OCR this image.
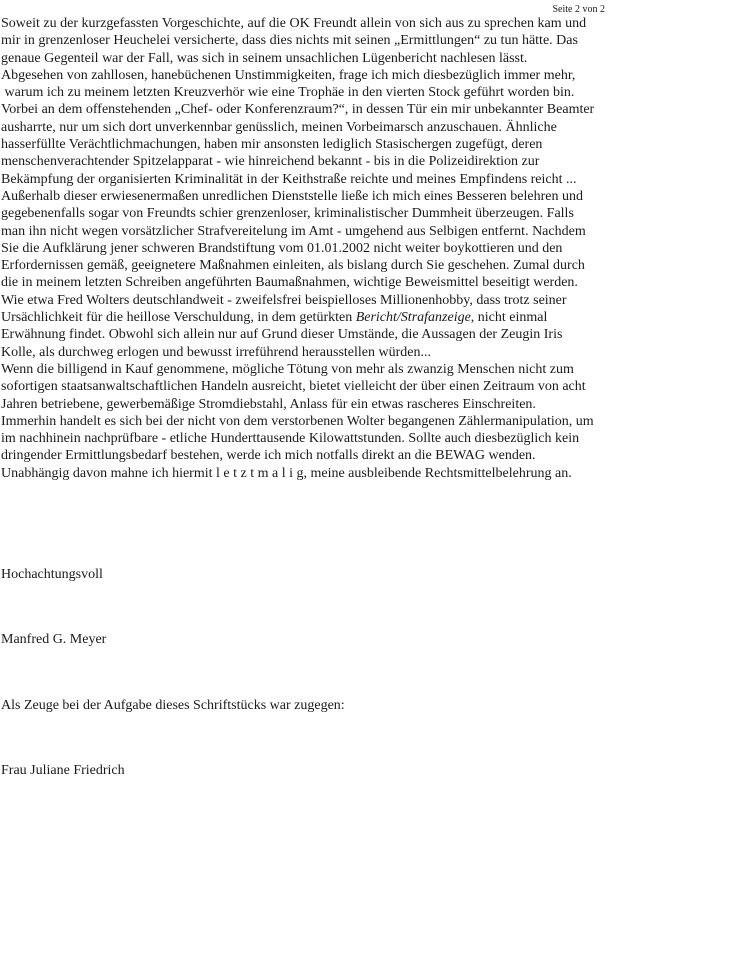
Seite 2 von 2

Soweit zu der kurzgefassten Vorgeschichte, auf die OK Freundt allein von sich aus zu sprechen kam und

mir in grenzenloser Heuchelei versicherte, dass dies nichts mit seinen „Ermittlungen“ zu tun hätte. Das

genaue Gegenteil war der Fall, was sich in seinem unsachlichen Lügenbericht nachlesen lässt.

Abgesehen von zahllosen, hanebüchenen Unstimmigkeiten, frage ich mich diesbezüglich immer mehr,

warum ich zu meinem letzten Kreuzverhör wie eine Trophäe in den vierten Stock geführt worden bin.

Vorbei an dem offenstehenden „Chef- oder Konferenzraum?“, in dessen Tür ein mir unbekannter Beamter

ausharrte, nur um sich dort unverkennbar genüsslich, meinen Vorbeimarsch anzuschauen. Ähnliche

hasserfüllte Verächtlichmachungen, haben mir ansonsten lediglich Stasischergen zugefügt, deren

menschenverachtender Spitzelapparat - wie hinreichend bekannt - bis in die Polizeidirektion zur

Bekämpfung der organisierten Kriminalität in der Keithstraße reichte und meines Empfindens reicht ...

Außerhalb dieser erwiesenermaßen unredlichen Dienststelle ließe ich mich eines Besseren belehren und

gegebenenfalls sogar von Freundts schier grenzenloser, kriminalistischer Dummheit überzeugen. Falls

man ihn nicht wegen vorsätzlicher Strafvereitelung im Amt - umgehend aus Selbigen entfernt. Nachdem

Sie die Aufklärung jener schweren Brandstiftung vom 01.01.2002 nicht weiter boykottieren und den

Erfordernissen gemäß, geeignetere Maßnahmen einleiten, als bislang durch Sie geschehen. Zumal durch

die in meinem letzten Schreiben angeführten Baumaßnahmen, wichtige Beweismittel beseitigt werden.

Wie etwa Fred Wolters deutschlandweit - zweifelsfrei beispielloses Millionenhobby, dass trotz seiner

Ursächlichkeit für die heillose Verschuldung, in dem getürkten Bericht/Strafanzeige, nicht einmal

Erwähnung findet. Obwohl sich allein nur auf Grund dieser Umstände, die Aussagen der Zeugin Iris

Kolle, als durchweg erlogen und bewusst irreführend herausstellen würden...

Wenn die billigend in Kauf genommene, mögliche Tötung von mehr als zwanzig Menschen nicht zum

sofortigen staatsanwaltschaftlichen Handeln ausreicht, bietet vielleicht der über einen Zeitraum von acht

Jahren betriebene, gewerbemäßige Stromdiebstahl, Anlass für ein etwas rascheres Einschreiten.

Immerhin handelt es sich bei der nicht von dem verstorbenen Wolter begangenen Zählermanipulation, um

im nachhinein nachprüfbare - etliche Hunderttausende Kilowattstunden. Sollte auch diesbezüglich kein

dringender Ermittlungsbedarf bestehen, werde ich mich notfalls direkt an die BEWAG wenden.

Unabhängig davon mahne ich hiermit l e t z t m a l i g, meine ausbleibende Rechtsmittelbelehrung an.

Hochachtungsvoll
Manfred G. Meyer
Als Zeuge bei der Aufgabe dieses Schriftstücks war zugegen:
Frau Juliane Friedrich
